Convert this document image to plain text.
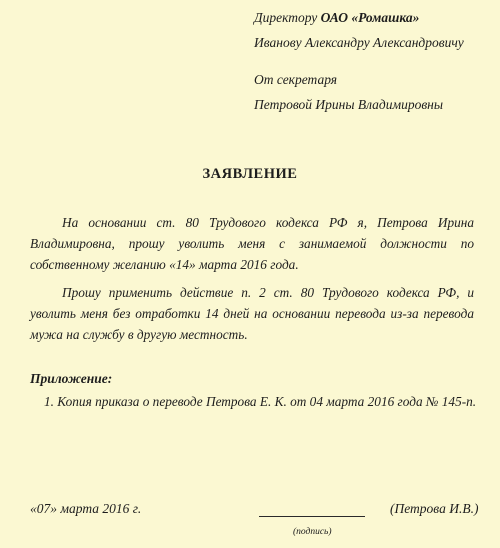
Директору ОАО «Ромашка»
Иванову Александру Александровичу
От секретаря
Петровой Ирины Владимировны
ЗАЯВЛЕНИЕ
На основании ст. 80 Трудового кодекса РФ я, Петрова Ирина Владимировна, прошу уволить меня с занимаемой должности по собственному желанию «14» марта 2016 года.
Прошу применить действие п. 2 ст. 80 Трудового кодекса РФ, и уволить меня без отработки 14 дней на основании перевода из-за перевода мужа на службу в другую местность.
Приложение:
1. Копия приказа о переводе Петрова Е. К. от 04 марта 2016 года № 145-п.
«07» марта 2016 г.
(подпись)
(Петрова И.В.)
